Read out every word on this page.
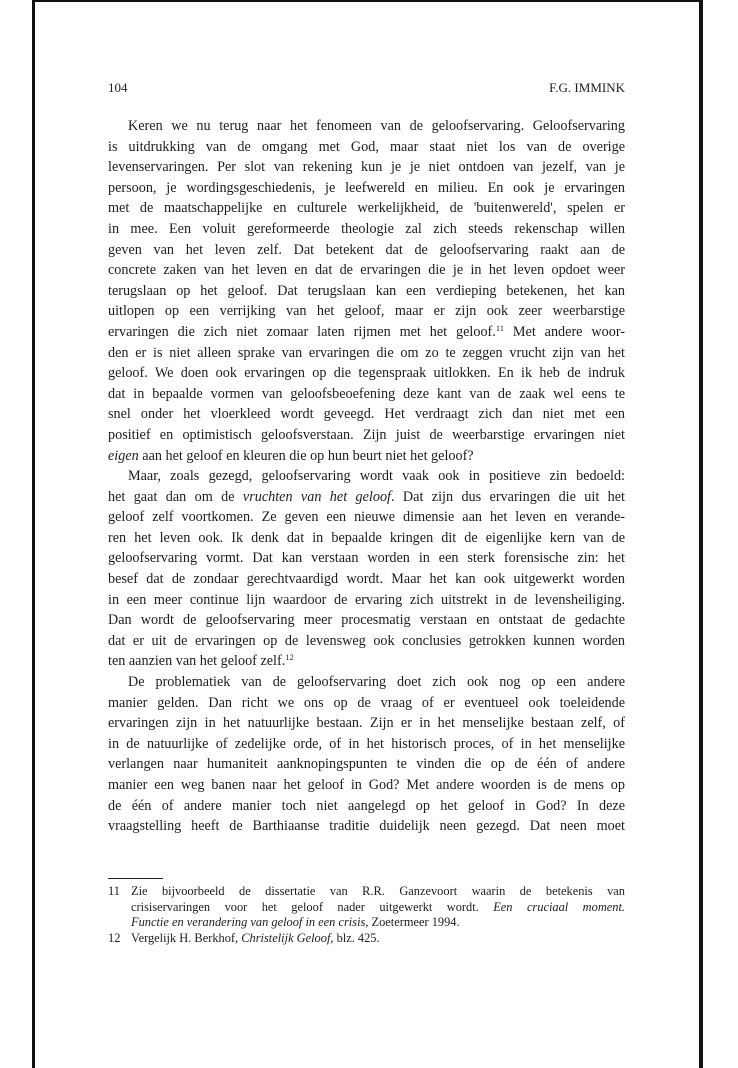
104	F.G. IMMINK

Keren we nu terug naar het fenomeen van de geloofservaring. Geloofservaring
is uitdrukking van de omgang met God, maar staat niet los van de overige
levenservaringen. Per slot van rekening kun je je niet ontdoen van jezelf, van je
persoon, je wordingsgeschiedenis, je leefwereld en milieu. En ook je ervaringen
met de maatschappelijke en culturele werkelijkheid, de 'buitenwereld', spelen er
in mee. Een voluit gereformeerde theologie zal zich steeds rekenschap willen
geven van het leven zelf. Dat betekent dat de geloofservaring raakt aan de
concrete zaken van het leven en dat de ervaringen die je in het leven opdoet weer
terugslaan op het geloof. Dat terugslaan kan een verdieping betekenen, het kan
uitlopen op een verrijking van het geloof, maar er zijn ook zeer weerbarstige
ervaringen die zich niet zomaar laten rijmen met het geloof.$^{11}$ Met andere woor-
den er is niet alleen sprake van ervaringen die om zo te zeggen vrucht zijn van het
geloof. We doen ook ervaringen op die tegenspraak uitlokken. En ik heb de indruk
dat in bepaalde vormen van geloofsbeoefening deze kant van de zaak wel eens te
snel onder het vloerkleed wordt geveegd. Het verdraagt zich dan niet met een
positief en optimistisch geloofsverstaan. Zijn juist de weerbarstige ervaringen niet
eigen aan het geloof en kleuren die op hun beurt niet het geloof?

Maar, zoals gezegd, geloofservaring wordt vaak ook in positieve zin bedoeld:
het gaat dan om de vruchten van het geloof. Dat zijn dus ervaringen die uit het
geloof zelf voortkomen. Ze geven een nieuwe dimensie aan het leven en verande-
ren het leven ook. Ik denk dat in bepaalde kringen dit de eigenlijke kern van de
geloofservaring vormt. Dat kan verstaan worden in een sterk forensische zin: het
besef dat de zondaar gerechtvaardigd wordt. Maar het kan ook uitgewerkt worden
in een meer continue lijn waardoor de ervaring zich uitstrekt in de levensheiliging.
Dan wordt de geloofservaring meer procesmatig verstaan en ontstaat de gedachte
dat er uit de ervaringen op de levensweg ook conclusies getrokken kunnen worden
ten aanzien van het geloof zelf.$^{12}$

De problematiek van de geloofservaring doet zich ook nog op een andere
manier gelden. Dan richt we ons op de vraag of er eventueel ook toeleidende
ervaringen zijn in het natuurlijke bestaan. Zijn er in het menselijke bestaan zelf, of
in de natuurlijke of zedelijke orde, of in het historisch proces, of in het menselijke
verlangen naar humaniteit aanknopingspunten te vinden die op de één of andere
manier een weg banen naar het geloof in God? Met andere woorden is de mens op
de één of andere manier toch niet aangelegd op het geloof in God? In deze
vraagstelling heeft de Barthiaanse traditie duidelijk neen gezegd. Dat neen moet

11 Zie bijvoorbeeld de dissertatie van R.R. Ganzevoort waarin de betekenis van
crisiservaringen voor het geloof nader uitgewerkt wordt. Een cruciaal moment.
Functie en verandering van geloof in een crisis, Zoetermeer 1994.
12 Vergelijk H. Berkhof, Christelijk Geloof, blz. 425.
